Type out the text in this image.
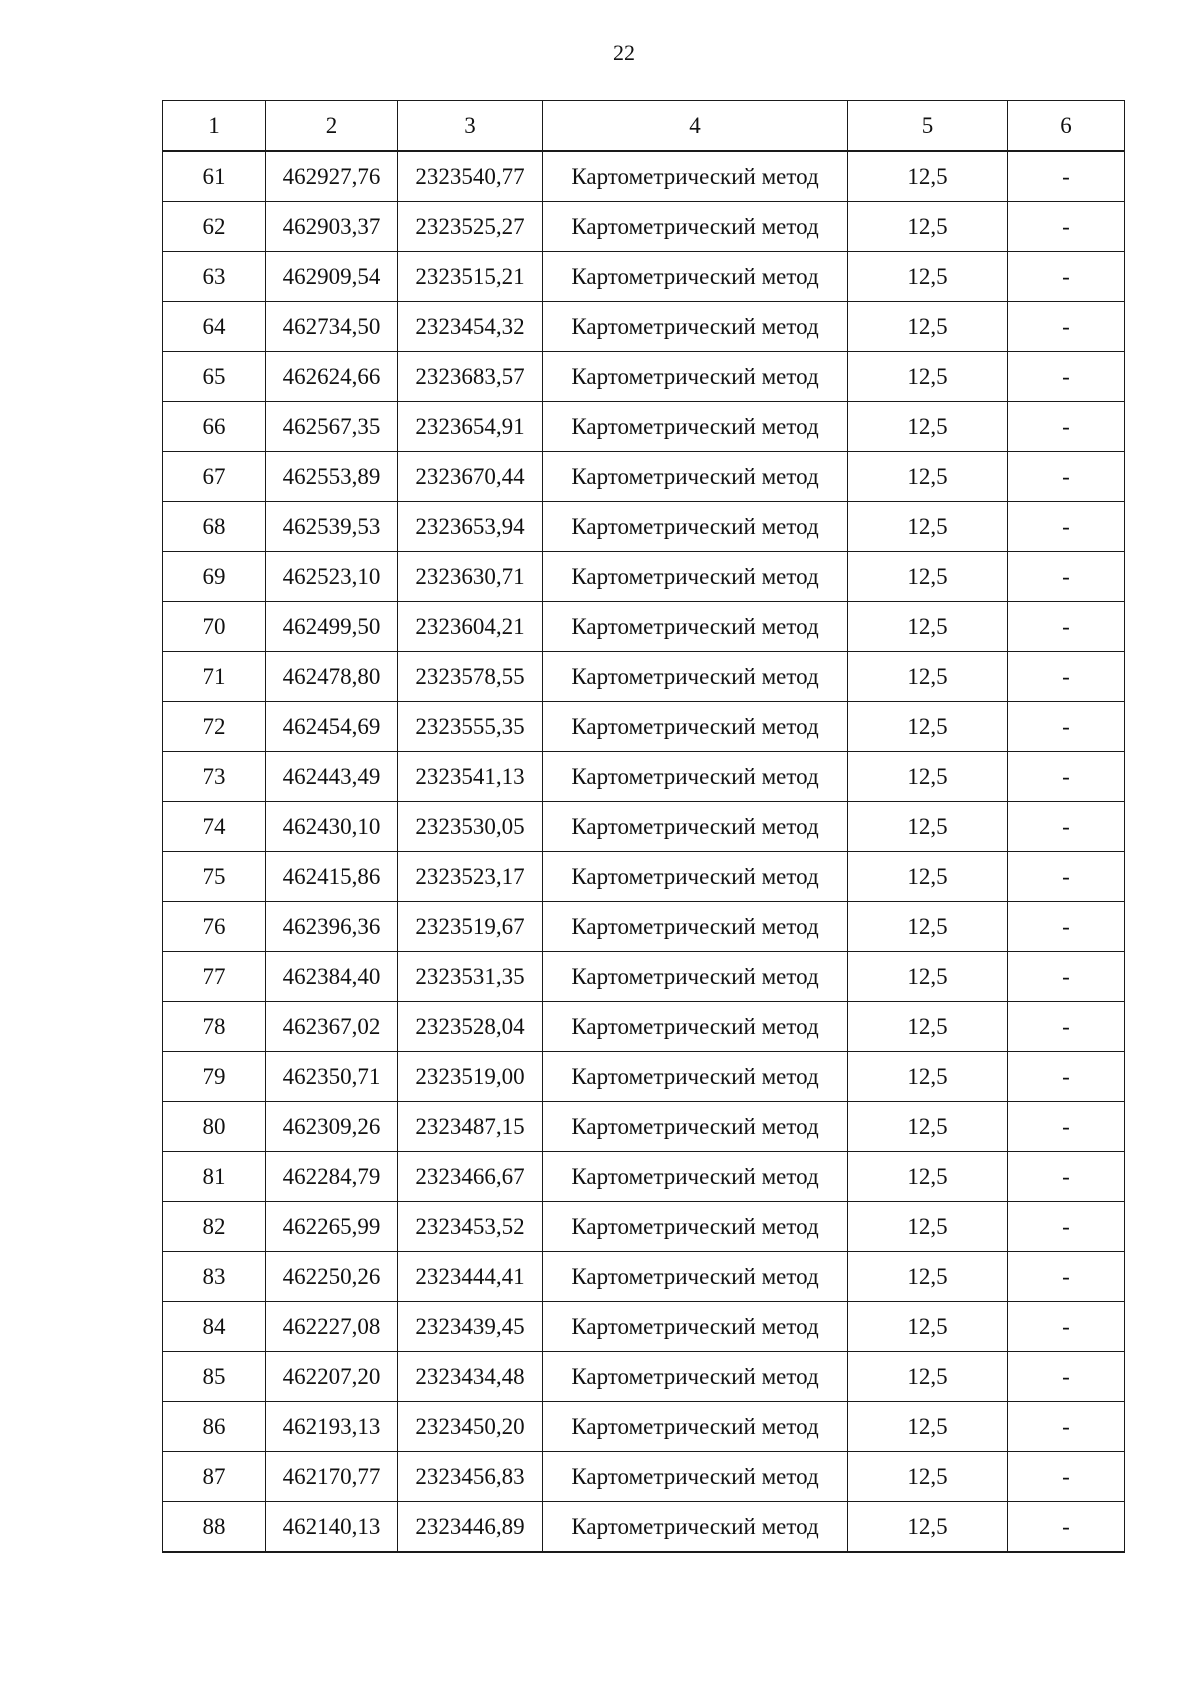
22
1	2	3	4	5	6
61	462927,76	2323540,77	Картометрический метод	12,5	-
62	462903,37	2323525,27	Картометрический метод	12,5	-
63	462909,54	2323515,21	Картометрический метод	12,5	-
64	462734,50	2323454,32	Картометрический метод	12,5	-
65	462624,66	2323683,57	Картометрический метод	12,5	-
66	462567,35	2323654,91	Картометрический метод	12,5	-
67	462553,89	2323670,44	Картометрический метод	12,5	-
68	462539,53	2323653,94	Картометрический метод	12,5	-
69	462523,10	2323630,71	Картометрический метод	12,5	-
70	462499,50	2323604,21	Картометрический метод	12,5	-
71	462478,80	2323578,55	Картометрический метод	12,5	-
72	462454,69	2323555,35	Картометрический метод	12,5	-
73	462443,49	2323541,13	Картометрический метод	12,5	-
74	462430,10	2323530,05	Картометрический метод	12,5	-
75	462415,86	2323523,17	Картометрический метод	12,5	-
76	462396,36	2323519,67	Картометрический метод	12,5	-
77	462384,40	2323531,35	Картометрический метод	12,5	-
78	462367,02	2323528,04	Картометрический метод	12,5	-
79	462350,71	2323519,00	Картометрический метод	12,5	-
80	462309,26	2323487,15	Картометрический метод	12,5	-
81	462284,79	2323466,67	Картометрический метод	12,5	-
82	462265,99	2323453,52	Картометрический метод	12,5	-
83	462250,26	2323444,41	Картометрический метод	12,5	-
84	462227,08	2323439,45	Картометрический метод	12,5	-
85	462207,20	2323434,48	Картометрический метод	12,5	-
86	462193,13	2323450,20	Картометрический метод	12,5	-
87	462170,77	2323456,83	Картометрический метод	12,5	-
88	462140,13	2323446,89	Картометрический метод	12,5	-
